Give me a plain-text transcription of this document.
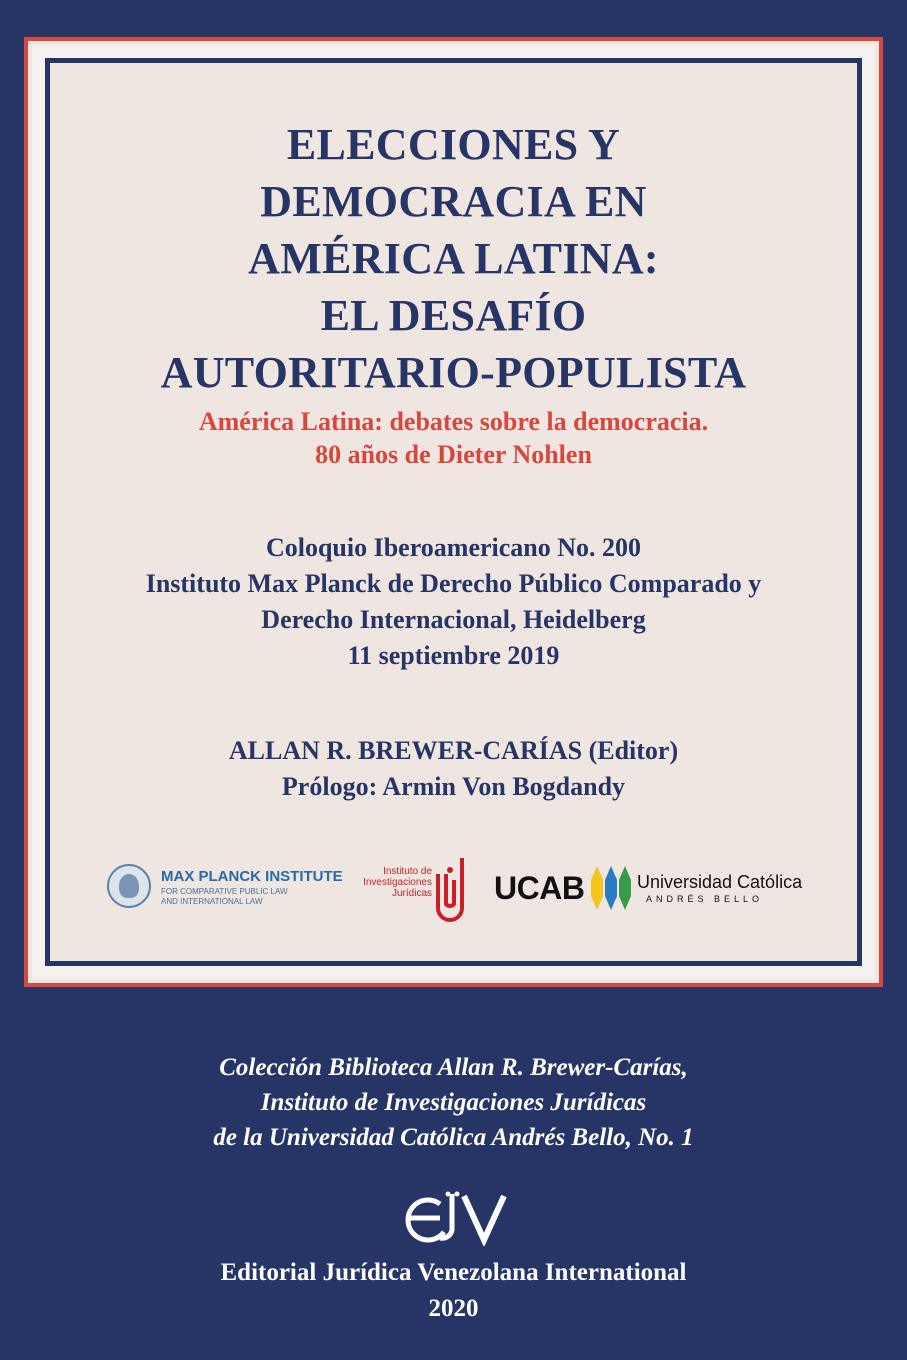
ELECCIONES Y
DEMOCRACIA EN
AMÉRICA LATINA:
EL DESAFÍO
AUTORITARIO-POPULISTA
América Latina: debates sobre la democracia.
80 años de Dieter Nohlen
Coloquio Iberoamericano No. 200
Instituto Max Planck de Derecho Público Comparado y
Derecho Internacional, Heidelberg
11 septiembre 2019
ALLAN R. BREWER-CARÍAS (Editor)
Prólogo: Armin Von Bogdandy
MAX PLANCK INSTITUTE
FOR COMPARATIVE PUBLIC LAW
AND INTERNATIONAL LAW
Instituto de
Investigaciones
Jurídicas UCAB	Universidad Católica
ANDRÉS BELLO
Colección Biblioteca Allan R. Brewer-Carías,
Instituto de Investigaciones Jurídicas
de la Universidad Católica Andrés Bello, No. 1
Editorial Jurídica Venezolana International
2020
